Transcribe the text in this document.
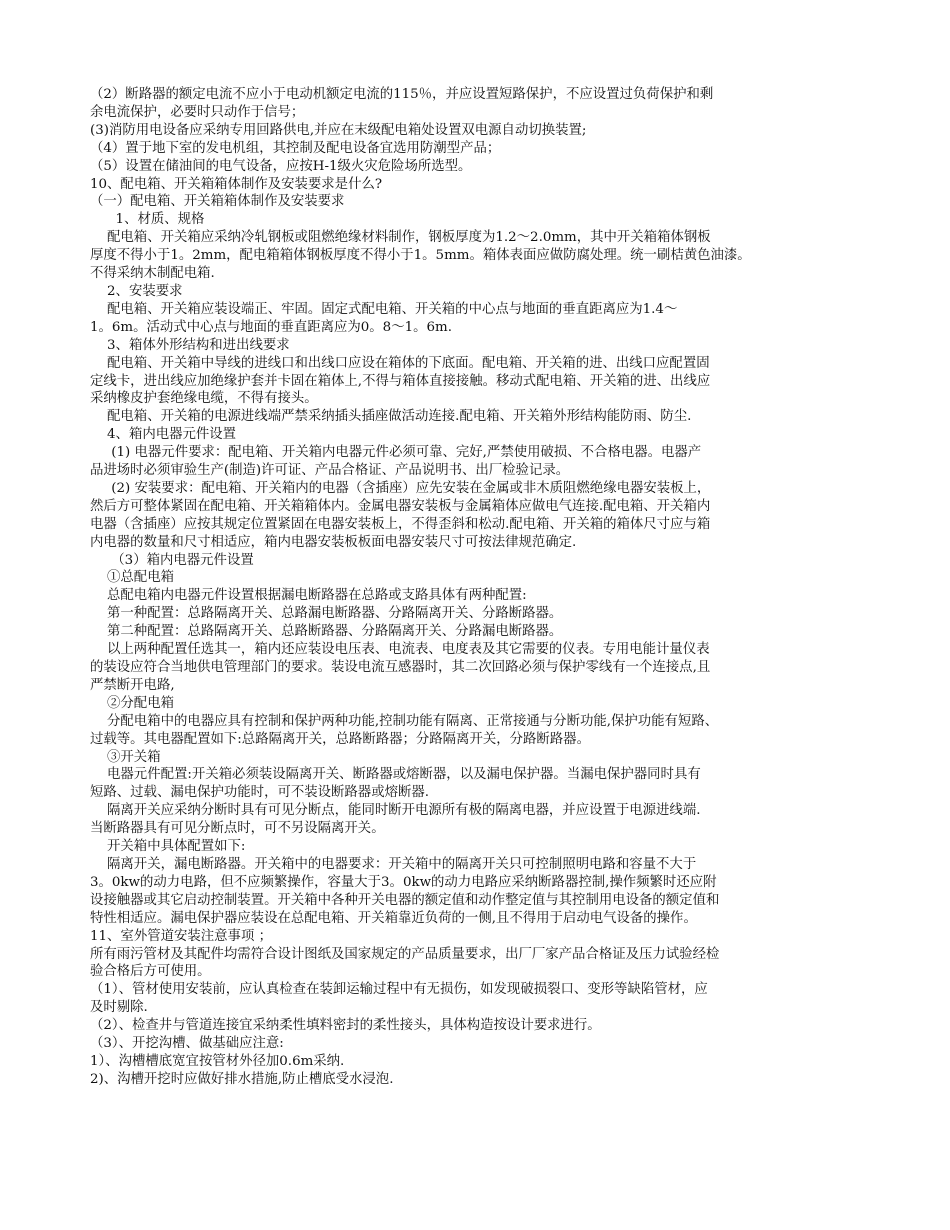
（2）断路器的额定电流不应小于电动机额定电流的115％，并应设置短路保护，不应设置过负荷保护和剩

余电流保护，必要时只动作于信号；

(3)消防用电设备应采纳专用回路供电,并应在末级配电箱处设置双电源自动切换装置;

（4）置于地下室的发电机组，其控制及配电设备宜选用防潮型产品；

（5）设置在储油间的电气设备，应按H-1级火灾危险场所选型。

10、配电箱、开关箱箱体制作及安装要求是什么?

（一）配电箱、开关箱箱体制作及安装要求

1、材质、规格

配电箱、开关箱应采纳冷轧钢板或阻燃绝缘材料制作，钢板厚度为1.2～2.0mm，其中开关箱箱体钢板

厚度不得小于1。2mm，配电箱箱体钢板厚度不得小于1。5mm。箱体表面应做防腐处理。统一刷桔黄色油漆。

不得采纳木制配电箱.

2、安装要求

配电箱、开关箱应装设端正、牢固。固定式配电箱、开关箱的中心点与地面的垂直距离应为1.4～

1。6m。活动式中心点与地面的垂直距离应为0。8～1。6m.

3、箱体外形结构和进出线要求

配电箱、开关箱中导线的进线口和出线口应设在箱体的下底面。配电箱、开关箱的进、出线口应配置固

定线卡，进出线应加绝缘护套并卡固在箱体上,不得与箱体直接接触。移动式配电箱、开关箱的进、出线应

采纳橡皮护套绝缘电缆，不得有接头。

配电箱、开关箱的电源进线端严禁采纳插头插座做活动连接.配电箱、开关箱外形结构能防雨、防尘.

4、箱内电器元件设置

(1) 电器元件要求：配电箱、开关箱内电器元件必须可靠、完好,严禁使用破损、不合格电器。电器产

品进场时必须审验生产(制造)许可证、产品合格证、产品说明书、出厂检验记录。

(2) 安装要求：配电箱、开关箱内的电器（含插座）应先安装在金属或非木质阻燃绝缘电器安装板上，

然后方可整体紧固在配电箱、开关箱箱体内。金属电器安装板与金属箱体应做电气连接.配电箱、开关箱内

电器（含插座）应按其规定位置紧固在电器安装板上，不得歪斜和松动.配电箱、开关箱的箱体尺寸应与箱

内电器的数量和尺寸相适应，箱内电器安装板板面电器安装尺寸可按法律规范确定.

（3）箱内电器元件设置

①总配电箱

总配电箱内电器元件设置根据漏电断路器在总路或支路具体有两种配置:

第一种配置：总路隔离开关、总路漏电断路器、分路隔离开关、分路断路器。

第二种配置：总路隔离开关、总路断路器、分路隔离开关、分路漏电断路器。

以上两种配置任选其一，箱内还应装设电压表、电流表、电度表及其它需要的仪表。专用电能计量仪表

的装设应符合当地供电管理部门的要求。装设电流互感器时，其二次回路必须与保护零线有一个连接点,且

严禁断开电路,

②分配电箱

分配电箱中的电器应具有控制和保护两种功能,控制功能有隔离、正常接通与分断功能,保护功能有短路、

过载等。其电器配置如下:总路隔离开关，总路断路器；分路隔离开关，分路断路器。

③开关箱

电器元件配置:开关箱必须装设隔离开关、断路器或熔断器，以及漏电保护器。当漏电保护器同时具有

短路、过载、漏电保护功能时，可不装设断路器或熔断器.

隔离开关应采纳分断时具有可见分断点，能同时断开电源所有极的隔离电器，并应设置于电源进线端.

当断路器具有可见分断点时，可不另设隔离开关。

开关箱中具体配置如下:

隔离开关，漏电断路器。开关箱中的电器要求：开关箱中的隔离开关只可控制照明电路和容量不大于

3。0kw的动力电路，但不应频繁操作，容量大于3。0kw的动力电路应采纳断路器控制,操作频繁时还应附

设接触器或其它启动控制装置。开关箱中各种开关电器的额定值和动作整定值与其控制用电设备的额定值和

特性相适应。漏电保护器应装设在总配电箱、开关箱靠近负荷的一侧,且不得用于启动电气设备的操作。

11、室外管道安装注意事项 ；

所有雨污管材及其配件均需符合设计图纸及国家规定的产品质量要求，出厂厂家产品合格证及压力试验经检

验合格后方可使用。

（1）、管材使用安装前，应认真检查在装卸运输过程中有无损伤，如发现破损裂口、变形等缺陷管材，应

及时剔除.

（2）、检查井与管道连接宜采纳柔性填料密封的柔性接头，具体构造按设计要求进行。

（3）、开挖沟槽、做基础应注意:

1）、沟槽槽底宽宜按管材外径加0.6m采纳.

2)、沟槽开挖时应做好排水措施,防止槽底受水浸泡.
